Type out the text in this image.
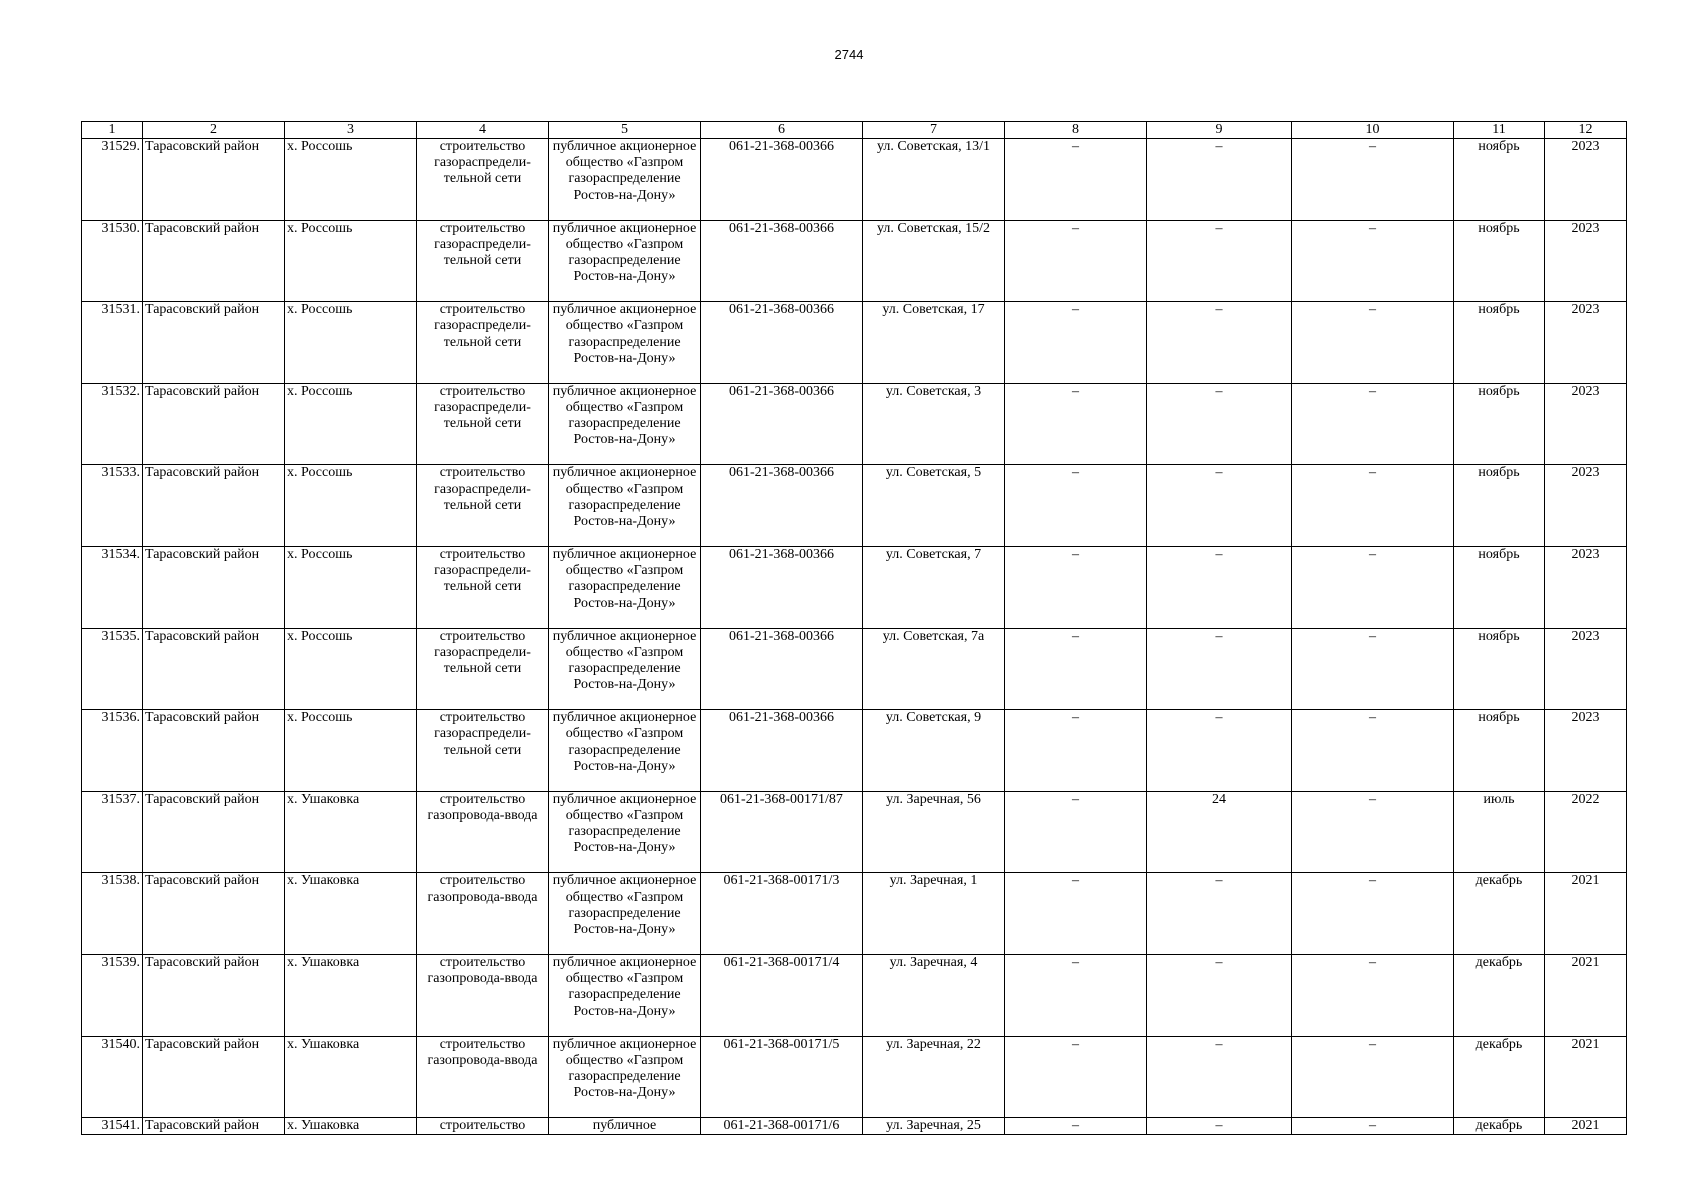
2744
1	2	3	4	5	6	7	8	9	10	11	12
31529.	Тарасовский район	х. Россошь	строительство газораспредели-тельной сети	публичное акционерное общество «Газпром газораспределение Ростов-на-Дону»	061-21-368-00366	ул. Советская, 13/1	–	–	–	ноябрь	2023
31530.	Тарасовский район	х. Россошь	строительство газораспредели-тельной сети	публичное акционерное общество «Газпром газораспределение Ростов-на-Дону»	061-21-368-00366	ул. Советская, 15/2	–	–	–	ноябрь	2023
31531.	Тарасовский район	х. Россошь	строительство газораспредели-тельной сети	публичное акционерное общество «Газпром газораспределение Ростов-на-Дону»	061-21-368-00366	ул. Советская, 17	–	–	–	ноябрь	2023
31532.	Тарасовский район	х. Россошь	строительство газораспредели-тельной сети	публичное акционерное общество «Газпром газораспределение Ростов-на-Дону»	061-21-368-00366	ул. Советская, 3	–	–	–	ноябрь	2023
31533.	Тарасовский район	х. Россошь	строительство газораспредели-тельной сети	публичное акционерное общество «Газпром газораспределение Ростов-на-Дону»	061-21-368-00366	ул. Советская, 5	–	–	–	ноябрь	2023
31534.	Тарасовский район	х. Россошь	строительство газораспредели-тельной сети	публичное акционерное общество «Газпром газораспределение Ростов-на-Дону»	061-21-368-00366	ул. Советская, 7	–	–	–	ноябрь	2023
31535.	Тарасовский район	х. Россошь	строительство газораспредели-тельной сети	публичное акционерное общество «Газпром газораспределение Ростов-на-Дону»	061-21-368-00366	ул. Советская, 7а	–	–	–	ноябрь	2023
31536.	Тарасовский район	х. Россошь	строительство газораспредели-тельной сети	публичное акционерное общество «Газпром газораспределение Ростов-на-Дону»	061-21-368-00366	ул. Советская, 9	–	–	–	ноябрь	2023
31537.	Тарасовский район	х. Ушаковка	строительство газопровода-ввода	публичное акционерное общество «Газпром газораспределение Ростов-на-Дону»	061-21-368-00171/87	ул. Заречная, 56	–	24	–	июль	2022
31538.	Тарасовский район	х. Ушаковка	строительство газопровода-ввода	публичное акционерное общество «Газпром газораспределение Ростов-на-Дону»	061-21-368-00171/3	ул. Заречная, 1	–	–	–	декабрь	2021
31539.	Тарасовский район	х. Ушаковка	строительство газопровода-ввода	публичное акционерное общество «Газпром газораспределение Ростов-на-Дону»	061-21-368-00171/4	ул. Заречная, 4	–	–	–	декабрь	2021
31540.	Тарасовский район	х. Ушаковка	строительство газопровода-ввода	публичное акционерное общество «Газпром газораспределение Ростов-на-Дону»	061-21-368-00171/5	ул. Заречная, 22	–	–	–	декабрь	2021
31541.	Тарасовский район	х. Ушаковка	строительство	публичное	061-21-368-00171/6	ул. Заречная, 25	–	–	–	декабрь	2021
